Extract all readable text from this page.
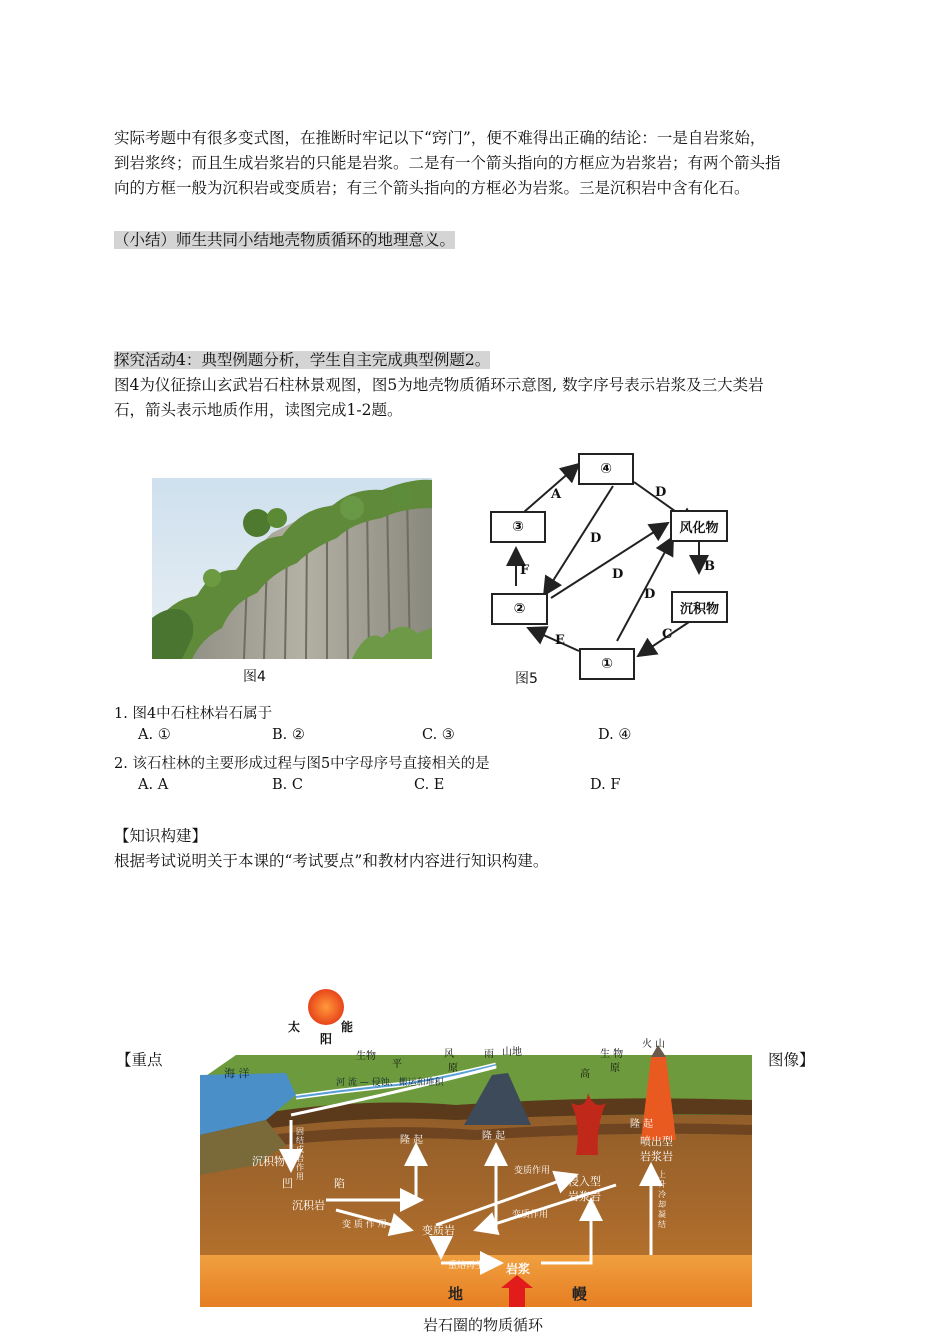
实际考题中有很多变式图，在推断时牢记以下“窍门”，便不难得出正确的结论：一是自岩浆始，
到岩浆终；而且生成岩浆岩的只能是岩浆。二是有一个箭头指向的方框应为岩浆岩；有两个箭头指
向的方框一般为沉积岩或变质岩；有三个箭头指向的方框必为岩浆。三是沉积岩中含有化石。
（小结）师生共同小结地壳物质循环的地理意义。
探究活动4：典型例题分析，学生自主完成典型例题2。
图4为仪征捺山玄武岩石柱林景观图，图5为地壳物质循环示意图, 数字序号表示岩浆及三大类岩
石，箭头表示地质作用，读图完成1-2题。
图4
④
③	风化物
②	沉积物
①
A	D
D
D
D
B
C
E
F
图5
1. 图4中石柱林岩石属于
A. ①	B. ②	C. ③	D. ④
2. 该石柱林的主要形成过程与图5中字母序号直接相关的是
A. A	B. C	C. E	D. F
【知识构建】
根据考试说明关于本课的“考试要点”和教材内容进行知识构建。
【重点	图像】
太
阳
能
海 洋
生物
平
风
原
雨 山地
高
生 物
原
火 山
河 流 — 侵蚀、搬运和堆积
沉积物
凹	陷
沉积岩
固结成岩作用
隆 起	隆 起
隆 起
变质作用
变质作用
变 质 作 用	变质岩
侵入型
岩浆岩
喷出型
岩浆岩
上升冷却凝结
重熔再生 岩浆
地	幔
岩石圈的物质循环
